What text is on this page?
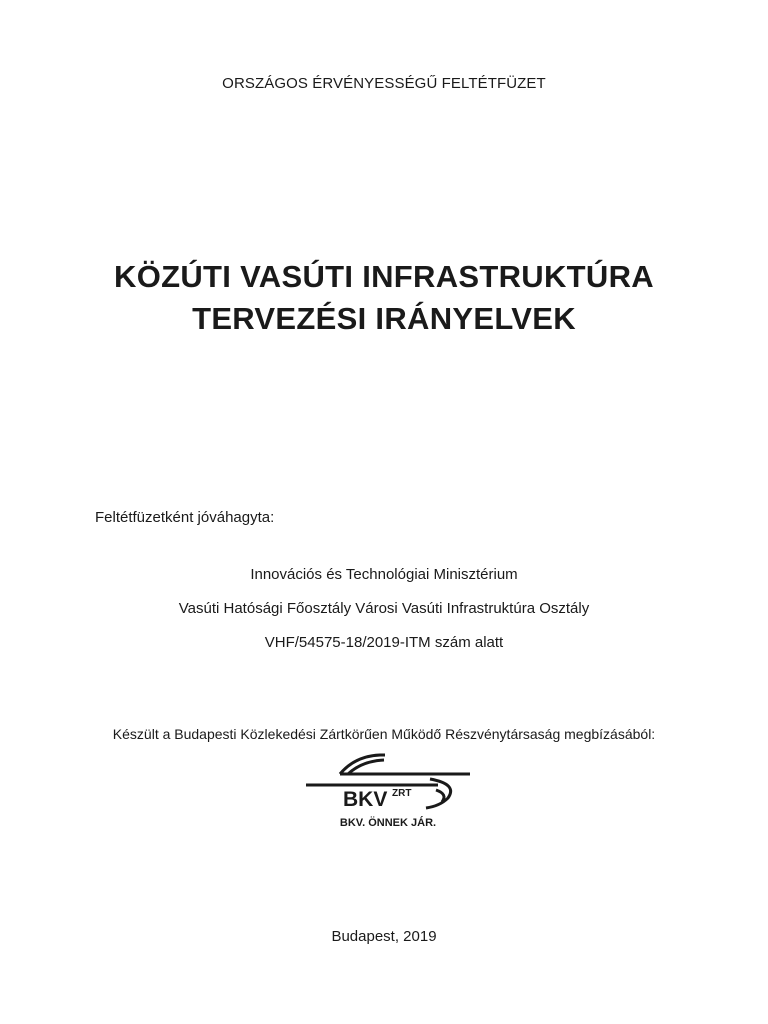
ORSZÁGOS ÉRVÉNYESSÉGŰ FELTÉTFÜZET
KÖZÚTI VASÚTI INFRASTRUKTÚRA
TERVEZÉSI IRÁNYELVEK
Feltétfüzetként jóváhagyta:
Innovációs és Technológiai Minisztérium
Vasúti Hatósági Főosztály Városi Vasúti Infrastruktúra Osztály
VHF/54575-18/2019-ITM szám alatt
Készült a Budapesti Közlekedési Zártkörűen Működő Részvénytársaság megbízásából:
BKV ZRT
BKV. ÖNNEK JÁR.
Budapest, 2019
